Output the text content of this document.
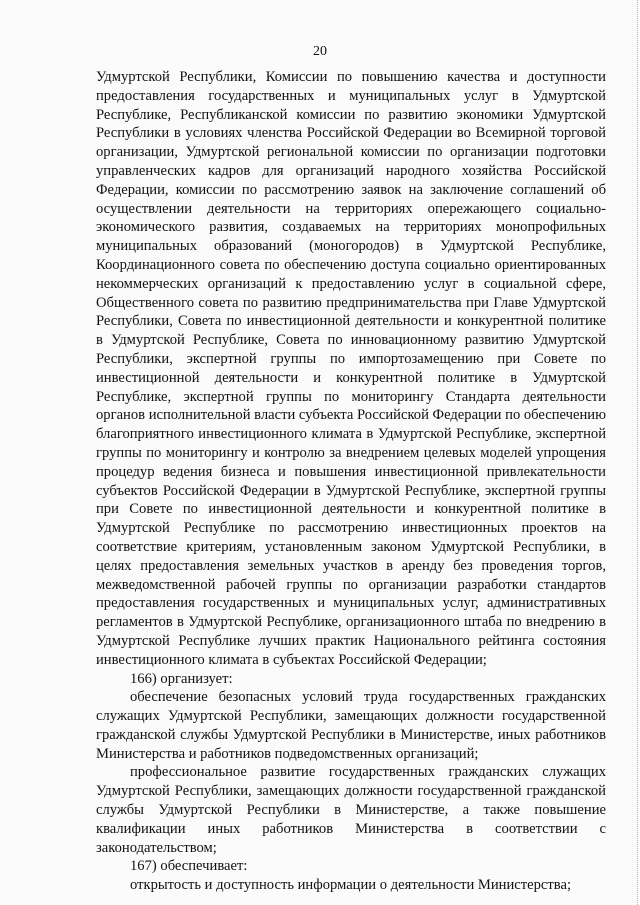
20

Удмуртской Республики, Комиссии по повышению качества и доступности предоставления государственных и муниципальных услуг в Удмуртской Республике, Республиканской комиссии по развитию экономики Удмуртской Республики в условиях членства Российской Федерации во Всемирной торговой организации, Удмуртской региональной комиссии по организации подготовки управленческих кадров для организаций народного хозяйства Российской Федерации, комиссии по рассмотрению заявок на заключение соглашений об осуществлении деятельности на территориях опережающего социально-экономического развития, создаваемых на территориях монопрофильных муниципальных образований (моногородов) в Удмуртской Республике, Координационного совета по обеспечению доступа социально ориентированных некоммерческих организаций к предоставлению услуг в социальной сфере, Общественного совета по развитию предпринимательства при Главе Удмуртской Республики, Совета по инвестиционной деятельности и конкурентной политике в Удмуртской Республике, Совета по инновационному развитию Удмуртской Республики, экспертной группы по импортозамещению при Совете по инвестиционной деятельности и конкурентной политике в Удмуртской Республике, экспертной группы по мониторингу Стандарта деятельности органов исполнительной власти субъекта Российской Федерации по обеспечению благоприятного инвестиционного климата в Удмуртской Республике, экспертной группы по мониторингу и контролю за внедрением целевых моделей упрощения процедур ведения бизнеса и повышения инвестиционной привлекательности субъектов Российской Федерации в Удмуртской Республике, экспертной группы при Совете по инвестиционной деятельности и конкурентной политике в Удмуртской Республике по рассмотрению инвестиционных проектов на соответствие критериям, установленным законом Удмуртской Республики, в целях предоставления земельных участков в аренду без проведения торгов, межведомственной рабочей группы по организации разработки стандартов предоставления государственных и муниципальных услуг, административных регламентов в Удмуртской Республике, организационного штаба по внедрению в Удмуртской Республике лучших практик Национального рейтинга состояния инвестиционного климата в субъектах Российской Федерации;

166) организует:

обеспечение безопасных условий труда государственных гражданских служащих Удмуртской Республики, замещающих должности государственной гражданской службы Удмуртской Республики в Министерстве, иных работников Министерства и работников подведомственных организаций;

профессиональное развитие государственных гражданских служащих Удмуртской Республики, замещающих должности государственной гражданской службы Удмуртской Республики в Министерстве, а также повышение квалификации иных работников Министерства в соответствии с законодательством;

167) обеспечивает:

открытость и доступность информации о деятельности Министерства;
